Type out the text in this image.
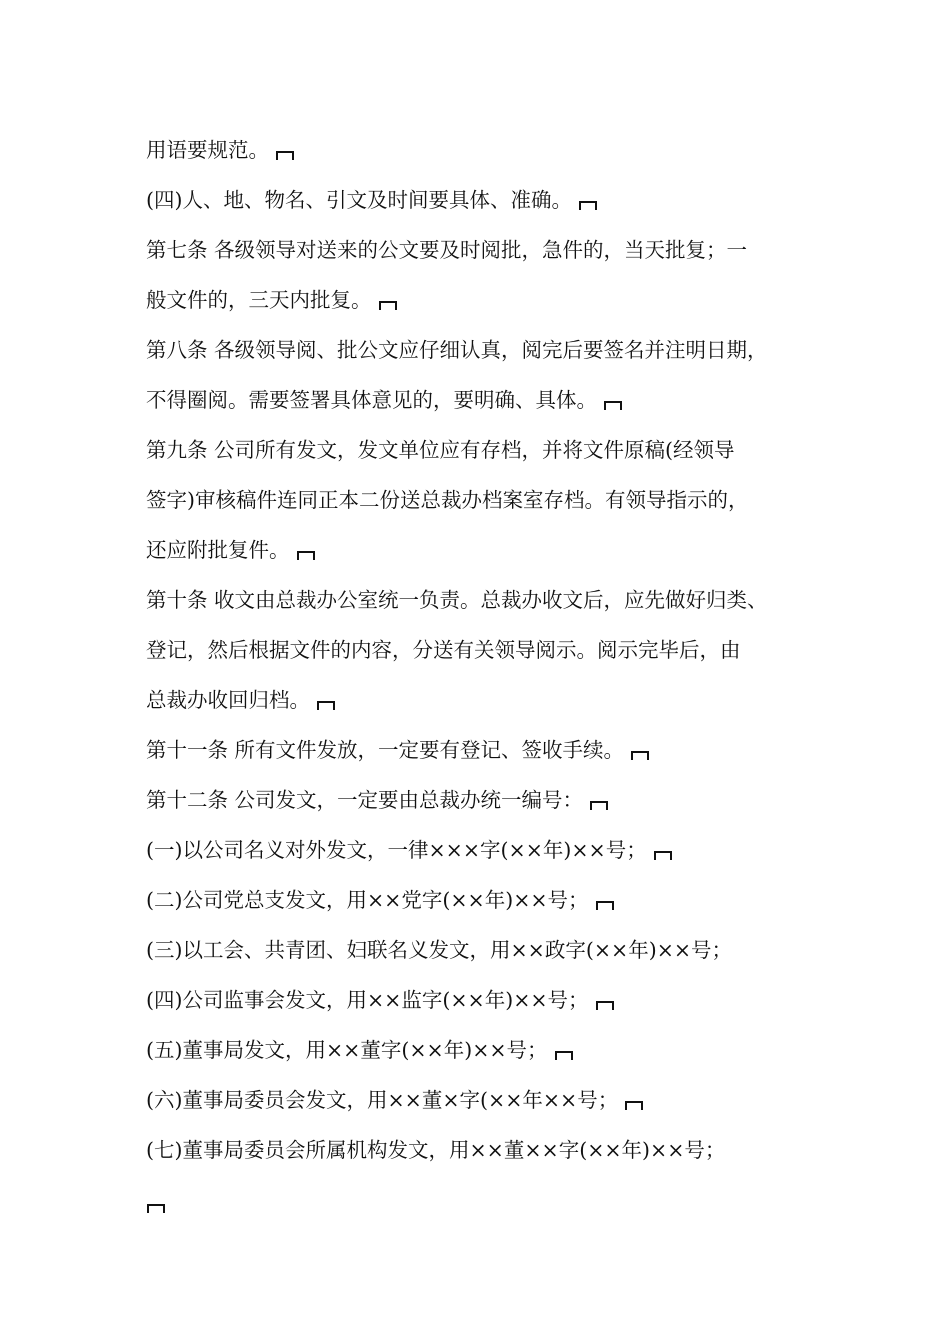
用语要规范。
(四)人、地、物名、引文及时间要具体、准确。
第七条 各级领导对送来的公文要及时阅批，急件的，当天批复；一
般文件的，三天内批复。
第八条 各级领导阅、批公文应仔细认真，阅完后要签名并注明日期，
不得圈阅。需要签署具体意见的，要明确、具体。
第九条 公司所有发文，发文单位应有存档，并将文件原稿(经领导
签字)审核稿件连同正本二份送总裁办档案室存档。有领导指示的，
还应附批复件。
第十条 收文由总裁办公室统一负责。总裁办收文后，应先做好归类、
登记，然后根据文件的内容，分送有关领导阅示。阅示完毕后，由
总裁办收回归档。
第十一条 所有文件发放，一定要有登记、签收手续。
第十二条 公司发文，一定要由总裁办统一编号：
(一)以公司名义对外发文，一律×××字(××年)××号；
(二)公司党总支发文，用××党字(××年)××号；
(三)以工会、共青团、妇联名义发文，用××政字(××年)××号；
(四)公司监事会发文，用××监字(××年)××号；
(五)董事局发文，用××董字(××年)××号；
(六)董事局委员会发文，用××董×字(××年××号；
(七)董事局委员会所属机构发文，用××董××字(××年)××号；
